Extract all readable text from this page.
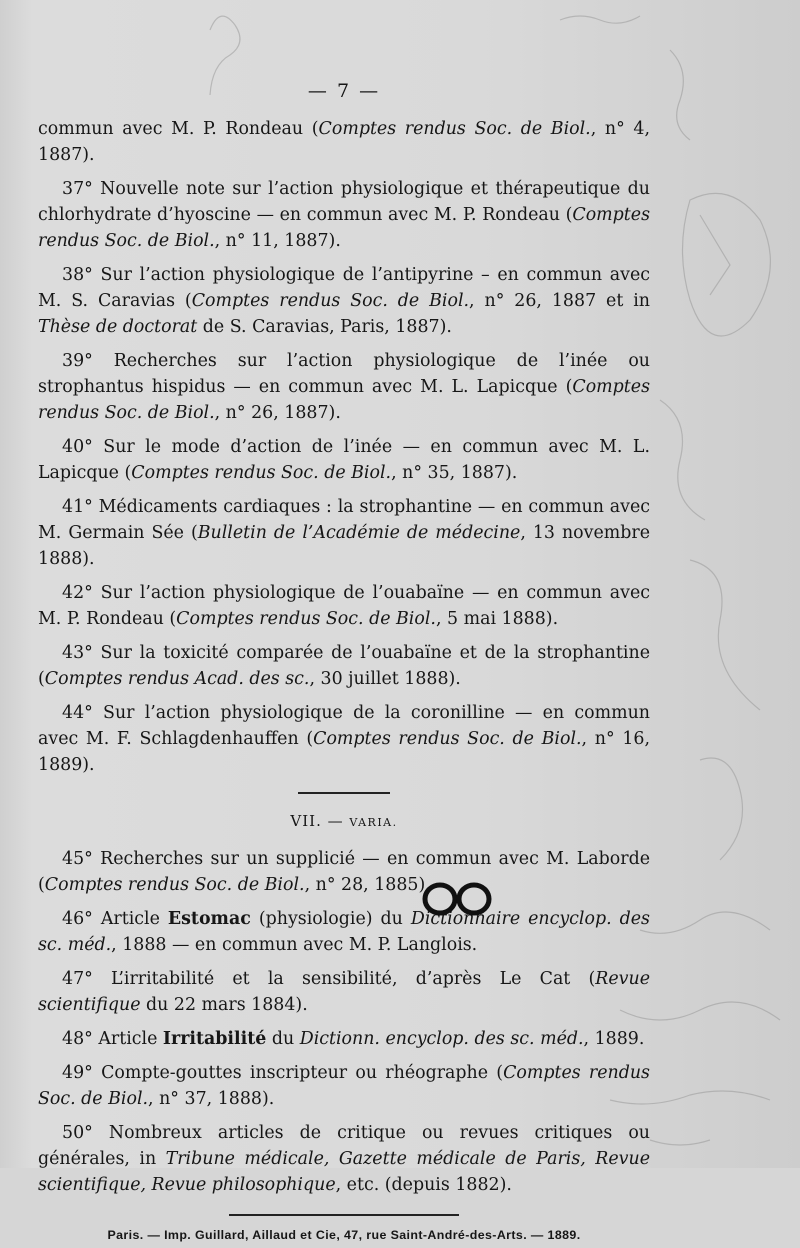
— 7 —

commun avec M. P. Rondeau (Comptes rendus Soc. de Biol., n° 4, 1887).

37° Nouvelle note sur l’action physiologique et thérapeutique du chlorhydrate d’hyoscine — en commun avec M. P. Rondeau (Comptes rendus Soc. de Biol., n° 11, 1887).

38° Sur l’action physiologique de l’antipyrine – en commun avec M. S. Caravias (Comptes rendus Soc. de Biol., n° 26, 1887 et in Thèse de doctorat de S. Caravias, Paris, 1887).

39° Recherches sur l’action physiologique de l’inée ou strophantus hispidus — en commun avec M. L. Lapicque (Comptes rendus Soc. de Biol., n° 26, 1887).

40° Sur le mode d’action de l’inée — en commun avec M. L. Lapicque (Comptes rendus Soc. de Biol., n° 35, 1887).

41° Médicaments cardiaques : la strophantine — en commun avec M. Germain Sée (Bulletin de l’Académie de médecine, 13 novembre 1888).

42° Sur l’action physiologique de l’ouabaïne — en commun avec M. P. Rondeau (Comptes rendus Soc. de Biol., 5 mai 1888).

43° Sur la toxicité comparée de l’ouabaïne et de la strophantine (Comptes rendus Acad. des sc., 30 juillet 1888).

44° Sur l’action physiologique de la coronilline — en commun avec M. F. Schlagdenhauffen (Comptes rendus Soc. de Biol., n° 16, 1889).

VII. — VARIA.

45° Recherches sur un supplicié — en commun avec M. Laborde (Comptes rendus Soc. de Biol., n° 28, 1885).

46° Article Estomac (physiologie) du Dictionnaire encyclop. des sc. méd., 1888 — en commun avec M. P. Langlois.

47° L’irritabilité et la sensibilité, d’après Le Cat (Revue scientifique du 22 mars 1884).

48° Article Irritabilité du Dictionn. encyclop. des sc. méd., 1889.

49° Compte-gouttes inscripteur ou rhéographe (Comptes rendus Soc. de Biol., n° 37, 1888).

50° Nombreux articles de critique ou revues critiques ou générales, in Tribune médicale, Gazette médicale de Paris, Revue scientifique, Revue philosophique, etc. (depuis 1882).

Paris. — Imp. Guillard, Aillaud et Cie, 47, rue Saint-André-des-Arts. — 1889.
